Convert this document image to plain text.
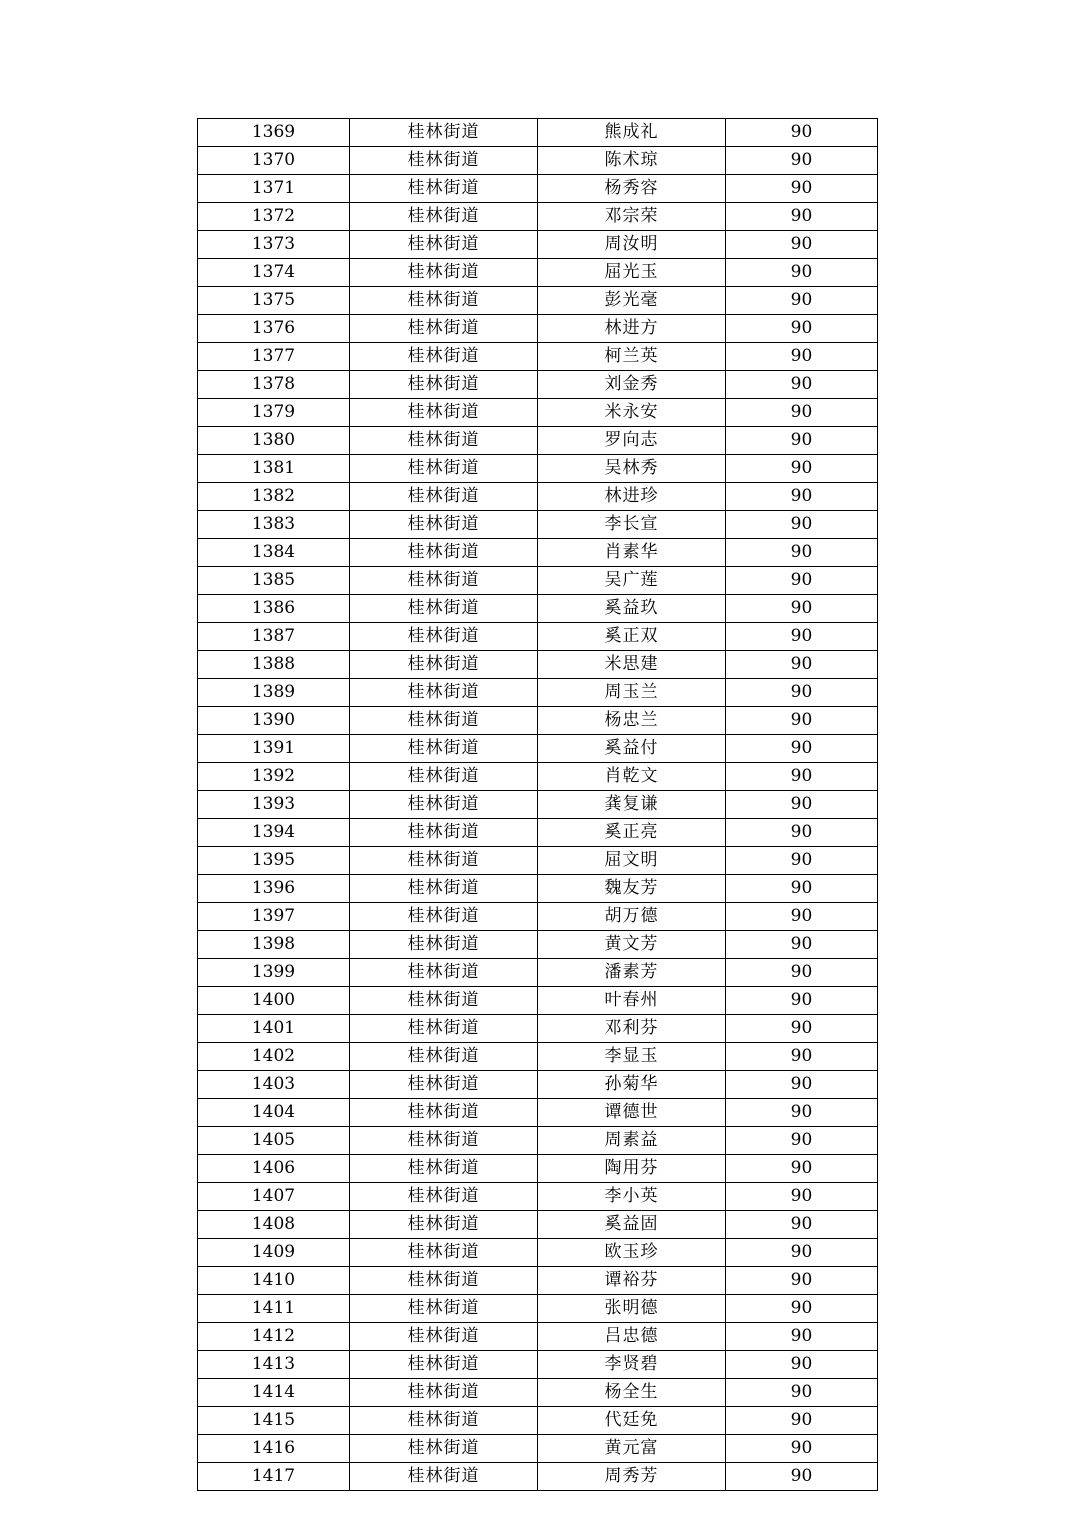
1369	桂林街道	熊成礼	90
1370	桂林街道	陈术琼	90
1371	桂林街道	杨秀容	90
1372	桂林街道	邓宗荣	90
1373	桂林街道	周汝明	90
1374	桂林街道	屈光玉	90
1375	桂林街道	彭光毫	90
1376	桂林街道	林进方	90
1377	桂林街道	柯兰英	90
1378	桂林街道	刘金秀	90
1379	桂林街道	米永安	90
1380	桂林街道	罗向志	90
1381	桂林街道	吴林秀	90
1382	桂林街道	林进珍	90
1383	桂林街道	李长宣	90
1384	桂林街道	肖素华	90
1385	桂林街道	吴广莲	90
1386	桂林街道	奚益玖	90
1387	桂林街道	奚正双	90
1388	桂林街道	米思建	90
1389	桂林街道	周玉兰	90
1390	桂林街道	杨忠兰	90
1391	桂林街道	奚益付	90
1392	桂林街道	肖乾文	90
1393	桂林街道	龚复谦	90
1394	桂林街道	奚正亮	90
1395	桂林街道	屈文明	90
1396	桂林街道	魏友芳	90
1397	桂林街道	胡万德	90
1398	桂林街道	黄文芳	90
1399	桂林街道	潘素芳	90
1400	桂林街道	叶春州	90
1401	桂林街道	邓利芬	90
1402	桂林街道	李显玉	90
1403	桂林街道	孙菊华	90
1404	桂林街道	谭德世	90
1405	桂林街道	周素益	90
1406	桂林街道	陶用芬	90
1407	桂林街道	李小英	90
1408	桂林街道	奚益固	90
1409	桂林街道	欧玉珍	90
1410	桂林街道	谭裕芬	90
1411	桂林街道	张明德	90
1412	桂林街道	吕忠德	90
1413	桂林街道	李贤碧	90
1414	桂林街道	杨全生	90
1415	桂林街道	代廷免	90
1416	桂林街道	黄元富	90
1417	桂林街道	周秀芳	90
